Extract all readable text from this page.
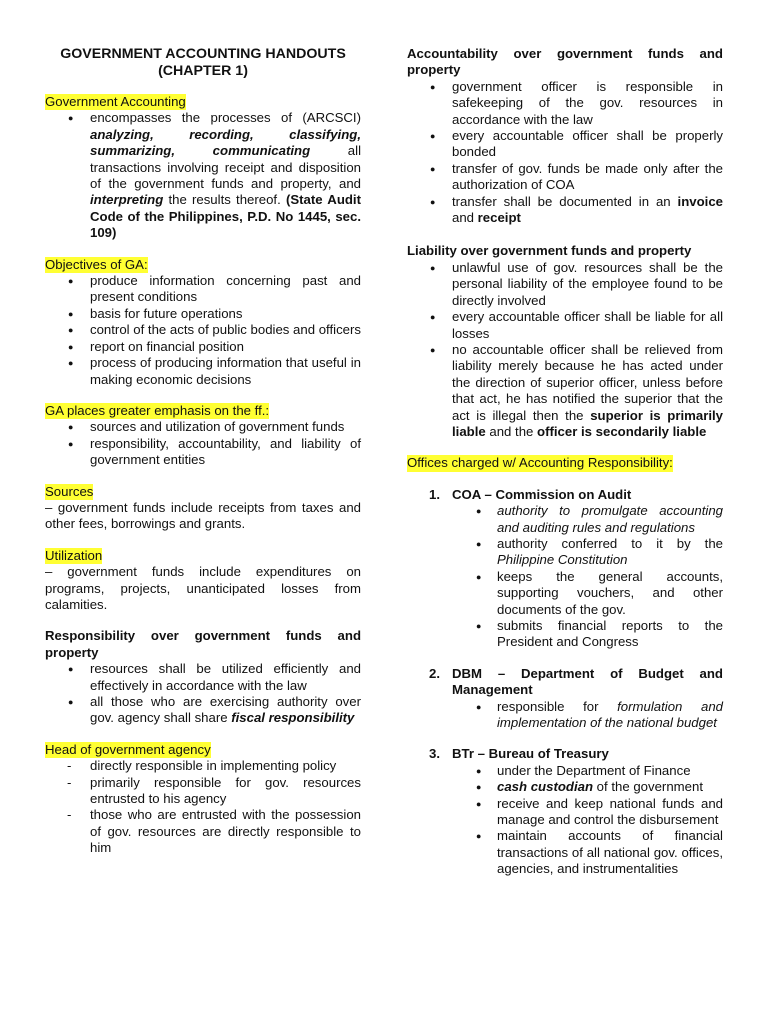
GOVERNMENT ACCOUNTING HANDOUTS
(CHAPTER 1)
Government Accounting
● encompasses the processes of (ARCSCI) analyzing, recording, classifying, summarizing, communicating all transactions involving receipt and disposition of the government funds and property, and interpreting the results thereof. (State Audit Code of the Philippines, P.D. No 1445, sec. 109)
Objectives of GA:
● produce information concerning past and present conditions
● basis for future operations
● control of the acts of public bodies and officers
● report on financial position
● process of producing information that useful in making economic decisions
GA places greater emphasis on the ff.:
● sources and utilization of government funds
● responsibility, accountability, and liability of government entities
Sources
– government funds include receipts from taxes and other fees, borrowings and grants.
Utilization
– government funds include expenditures on programs, projects, unanticipated losses from calamities.
Responsibility over government funds and property
● resources shall be utilized efficiently and effectively in accordance with the law
● all those who are exercising authority over gov. agency shall share fiscal responsibility
Head of government agency
- directly responsible in implementing policy
- primarily responsible for gov. resources entrusted to his agency
- those who are entrusted with the possession of gov. resources are directly responsible to him
Accountability over government funds and property
● government officer is responsible in safekeeping of the gov. resources in accordance with the law
● every accountable officer shall be properly bonded
● transfer of gov. funds be made only after the authorization of COA
● transfer shall be documented in an invoice and receipt
Liability over government funds and property
● unlawful use of gov. resources shall be the personal liability of the employee found to be directly involved
● every accountable officer shall be liable for all losses
● no accountable officer shall be relieved from liability merely because he has acted under the direction of superior officer, unless before that act, he has notified the superior that the act is illegal then the superior is primarily liable and the officer is secondarily liable
Offices charged w/ Accounting Responsibility:
1. COA – Commission on Audit
● authority to promulgate accounting and auditing rules and regulations
● authority conferred to it by the Philippine Constitution
● keeps the general accounts, supporting vouchers, and other documents of the gov.
● submits financial reports to the President and Congress
2. DBM – Department of Budget and Management
● responsible for formulation and implementation of the national budget
3. BTr – Bureau of Treasury
● under the Department of Finance
● cash custodian of the government
● receive and keep national funds and manage and control the disbursement
● maintain accounts of financial transactions of all national gov. offices, agencies, and instrumentalities
